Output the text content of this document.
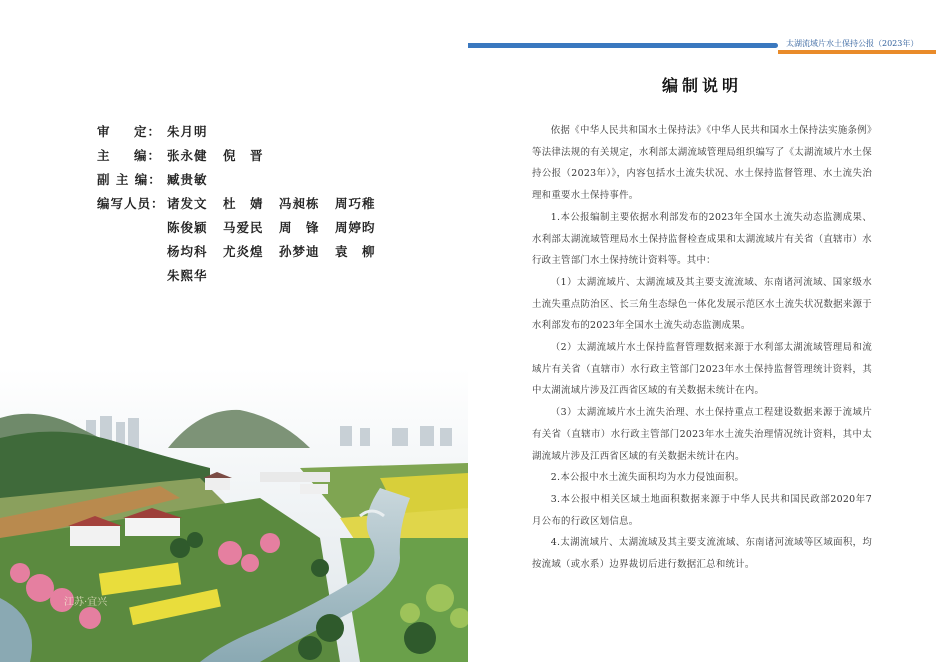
审 定： 朱月明
主 编： 张永健	倪　晋
副 主 编： 臧贵敏
编写人员： 诸发文	杜　婧	冯昶栋	周巧稚
陈俊颖	马爱民	周　锋	周婷昀
杨均科	尤炎煌	孙梦迪	袁　柳
朱熙华
江苏·宜兴
太湖流域片水土保持公报（2023年）
编制说明

依据《中华人民共和国水土保持法》《中华人民共和国水土保持法实施条例》等法律法规的有关规定，水利部太湖流域管理局组织编写了《太湖流域片水土保持公报（2023年）》，内容包括水土流失状况、水土保持监督管理、水土流失治理和重要水土保持事件。

1.本公报编制主要依据水利部发布的2023年全国水土流失动态监测成果、水利部太湖流域管理局水土保持监督检查成果和太湖流域片有关省（直辖市）水行政主管部门水土保持统计资料等。其中：

（1）太湖流域片、太湖流域及其主要支流流域、东南诸河流域、国家级水土流失重点防治区、长三角生态绿色一体化发展示范区水土流失状况数据来源于水利部发布的2023年全国水土流失动态监测成果。

（2）太湖流域片水土保持监督管理数据来源于水利部太湖流域管理局和流域片有关省（直辖市）水行政主管部门2023年水土保持监督管理统计资料，其中太湖流域片涉及江西省区域的有关数据未统计在内。

（3）太湖流域片水土流失治理、水土保持重点工程建设数据来源于流域片有关省（直辖市）水行政主管部门2023年水土流失治理情况统计资料，其中太湖流域片涉及江西省区域的有关数据未统计在内。

2.本公报中水土流失面积均为水力侵蚀面积。

3.本公报中相关区域土地面积数据来源于中华人民共和国民政部2020年7月公布的行政区划信息。

4.太湖流域片、太湖流域及其主要支流流域、东南诸河流域等区域面积，均按流域（或水系）边界裁切后进行数据汇总和统计。
